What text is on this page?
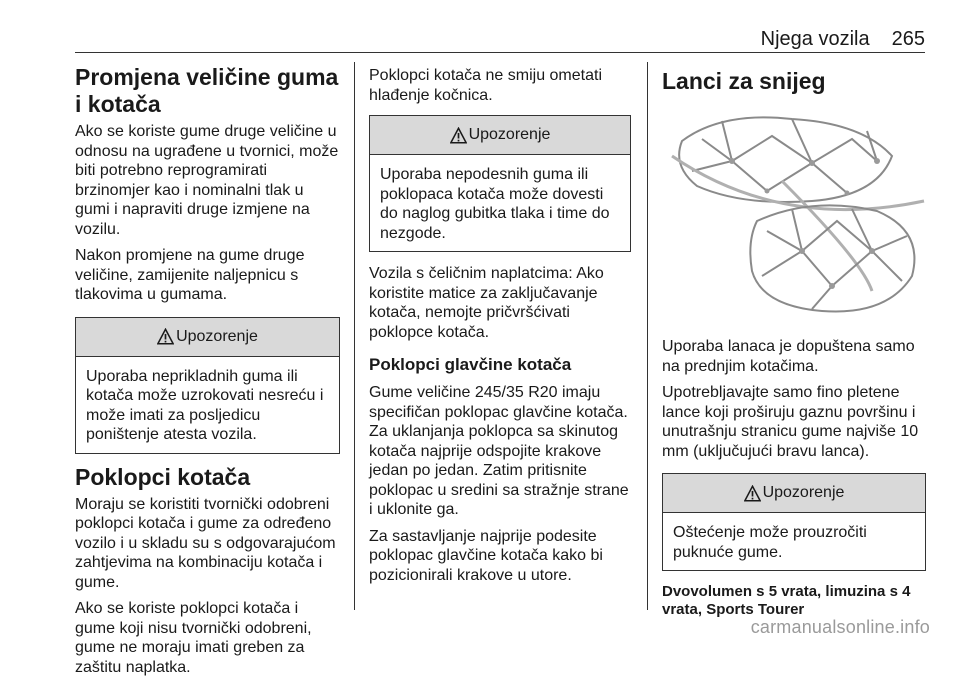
Njega vozila 265
Promjena veličine guma i kotača

Ako se koriste gume druge veličine u odnosu na ugrađene u tvornici, može biti potrebno reprogramirati brzinomjer kao i nominalni tlak u gumi i napraviti druge izmjene na vozilu.

Nakon promjene na gume druge veličine, zamijenite naljepnicu s tlakovima u gumama.

Upozorenje
Uporaba neprikladnih guma ili kotača može uzrokovati nesreću i može imati za posljedicu poništenje atesta vozila.
Poklopci kotača

Moraju se koristiti tvornički odobreni poklopci kotača i gume za određeno vozilo i u skladu su s odgovarajućom zahtjevima na kombinaciju kotača i gume.

Ako se koriste poklopci kotača i gume koji nisu tvornički odobreni, gume ne moraju imati greben za zaštitu naplatka.

Poklopci kotača ne smiju ometati hlađenje kočnica.

Upozorenje
Uporaba nepodesnih guma ili poklopaca kotača može dovesti do naglog gubitka tlaka i time do nezgode.

Vozila s čeličnim naplatcima: Ako koristite matice za zaključavanje kotača, nemojte pričvršćivati poklopce kotača.

Poklopci glavčine kotača

Gume veličine 245/35 R20 imaju specifičan poklopac glavčine kotača. Za uklanjanja poklopca sa skinutog kotača najprije odspojite krakove jedan po jedan. Zatim pritisnite poklopac u sredini sa stražnje strane i uklonite ga.

Za sastavljanje najprije podesite poklopac glavčine kotača kako bi pozicionirali krakove u utore.

Lanci za snijeg

Uporaba lanaca je dopuštena samo na prednjim kotačima.

Upotrebljavajte samo fino pletene lance koji proširuju gaznu površinu i unutrašnju stranicu gume najviše 10 mm (uključujući bravu lanca).

Upozorenje
Oštećenje može prouzročiti puknuće gume.

Dvovolumen s 5 vrata, limuzina s 4 vrata, Sports Tourer

carmanualsonline.info
